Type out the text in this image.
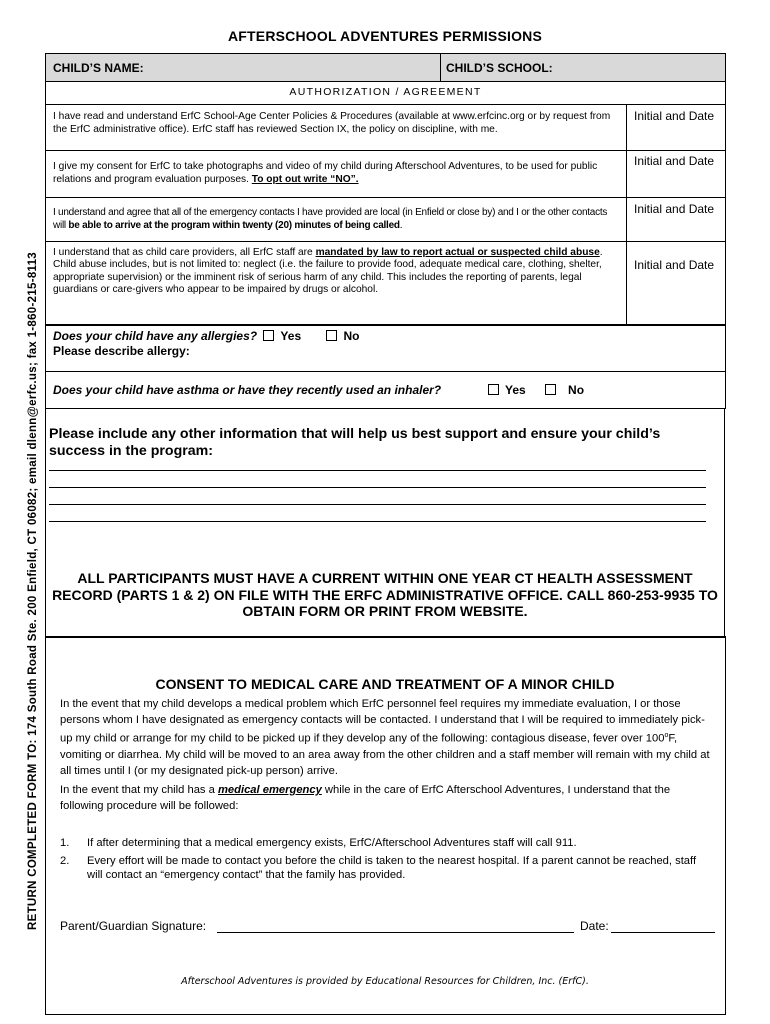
AFTERSCHOOL ADVENTURES PERMISSIONS
RETURN COMPLETED FORM TO: 174 South Road Ste. 200 Enfield, CT 06082; email dlenn@erfc.us; fax 1-860-215-8113
CHILD’S NAME:	CHILD’S SCHOOL:
AUTHORIZATION / AGREEMENT
I have read and understand ErfC School-Age Center Policies & Procedures (available at www.erfcinc.org or by request from the ErfC administrative office). ErfC staff has reviewed Section IX, the policy on discipline, with me.
Initial and Date
I give my consent for ErfC to take photographs and video of my child during Afterschool Adventures, to be used for public relations and program evaluation purposes. To opt out write “NO”.
Initial and Date
I understand and agree that all of the emergency contacts I have provided are local (in Enfield or close by) and I or the other contacts will be able to arrive at the program within twenty (20) minutes of being called.
Initial and Date
I understand that as child care providers, all ErfC staff are mandated by law to report actual or suspected child abuse. Child abuse includes, but is not limited to: neglect (i.e. the failure to provide food, adequate medical care, clothing, shelter, appropriate supervision) or the imminent risk of serious harm of any child. This includes the reporting of parents, legal guardians or care-givers who appear to be impaired by drugs or alcohol.
Initial and Date
Does your child have any allergies? Yes	No
Please describe allergy:
Does your child have asthma or have they recently used an inhaler?	Yes	No
Please include any other information that will help us best support and ensure your child’s success in the program:
ALL PARTICIPANTS MUST HAVE A CURRENT WITHIN ONE YEAR CT HEALTH ASSESSMENT RECORD (PARTS 1 & 2) ON FILE WITH THE ERFC ADMINISTRATIVE OFFICE. CALL 860-253-9935 TO OBTAIN FORM OR PRINT FROM WEBSITE.
CONSENT TO MEDICAL CARE AND TREATMENT OF A MINOR CHILD
In the event that my child develops a medical problem which ErfC personnel feel requires my immediate evaluation, I or those persons whom I have designated as emergency contacts will be contacted. I understand that I will be required to immediately pick-up my child or arrange for my child to be picked up if they develop any of the following: contagious disease, fever over 100$^o$F, vomiting or diarrhea. My child will be moved to an area away from the other children and a staff member will remain with my child at all times until I (or my designated pick-up person) arrive.
In the event that my child has a medical emergency while in the care of ErfC Afterschool Adventures, I understand that the following procedure will be followed:
1. If after determining that a medical emergency exists, ErfC/Afterschool Adventures staff will call 911.
2. Every effort will be made to contact you before the child is taken to the nearest hospital. If a parent cannot be reached, staff will contact an “emergency contact” that the family has provided.
Parent/Guardian Signature:	Date:
Afterschool Adventures is provided by Educational Resources for Children, Inc. (ErfC).
